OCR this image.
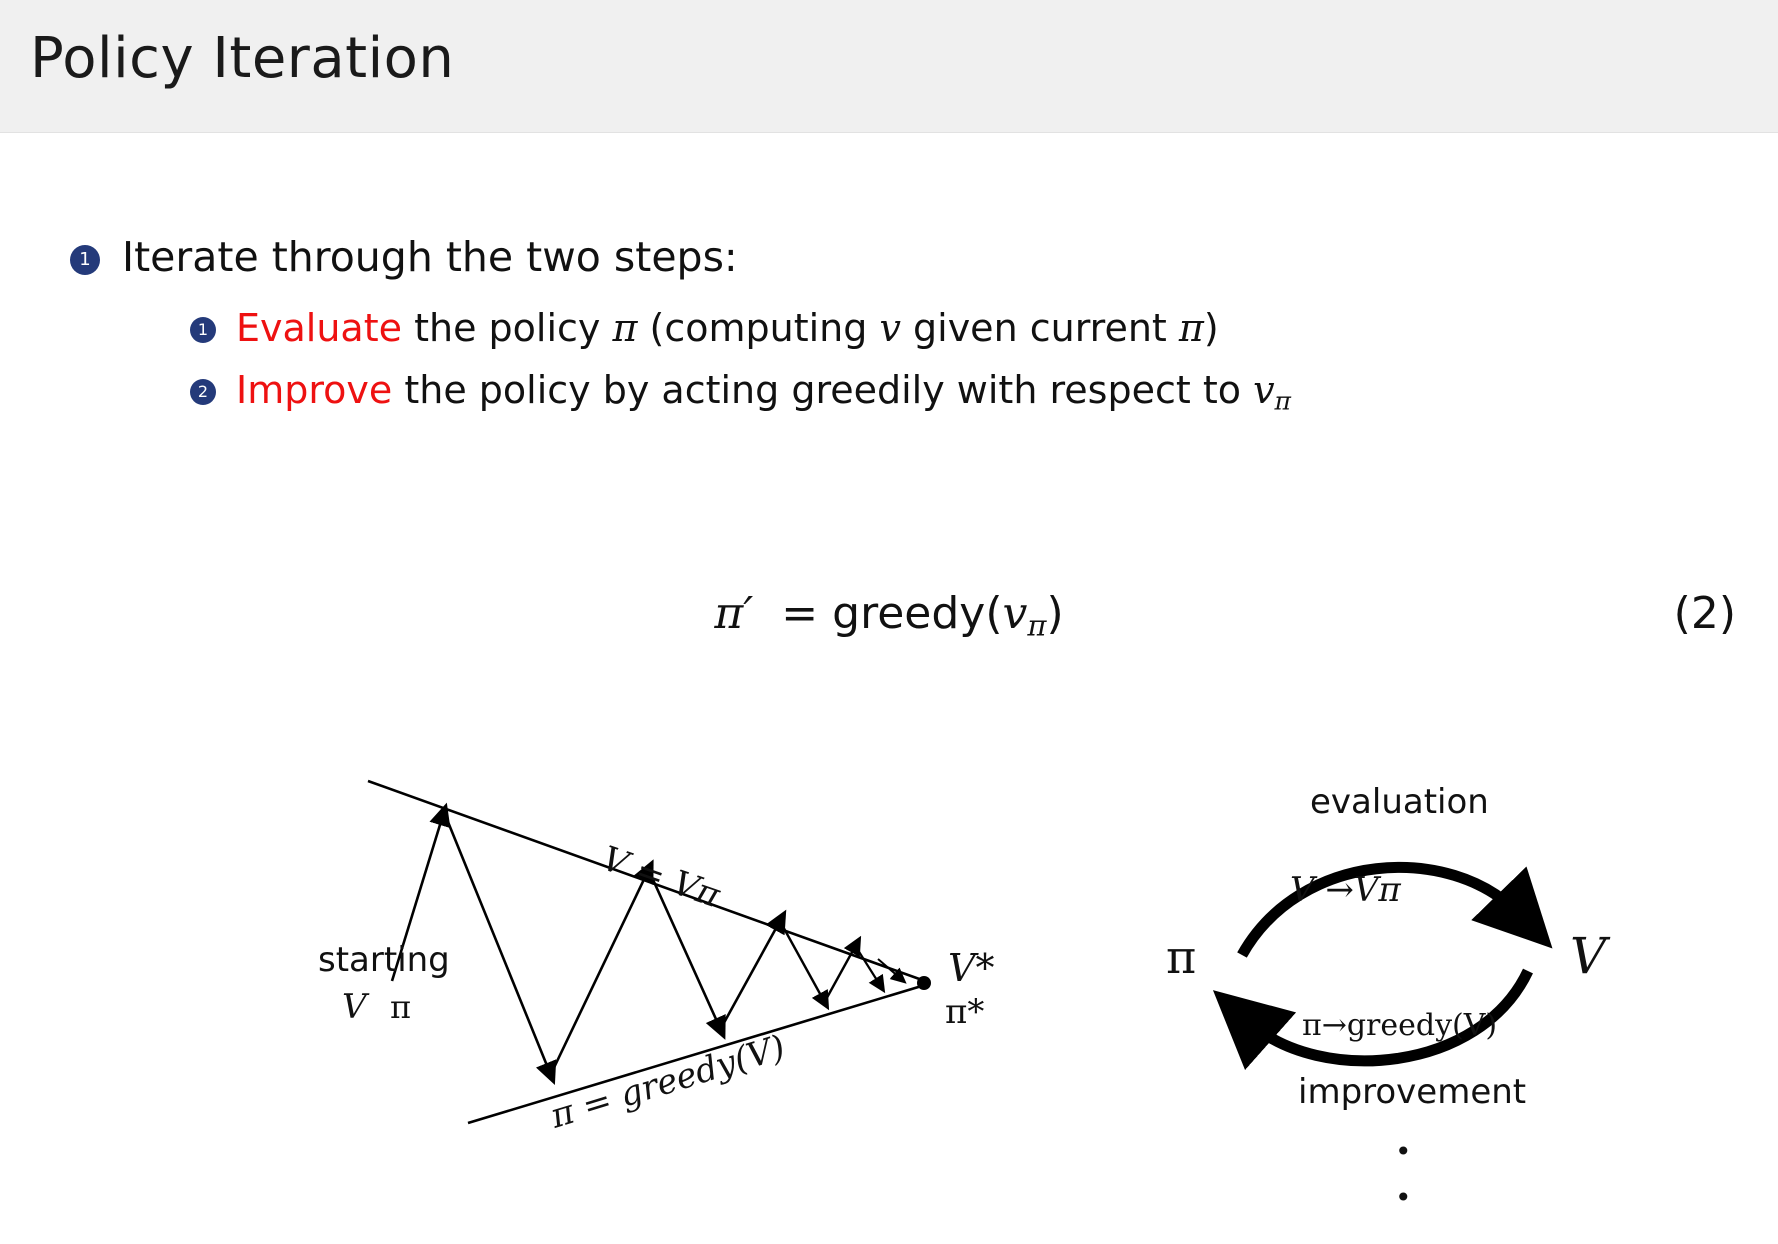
Policy Iteration
1 Iterate through the two steps:
1 Evaluate the policy π (computing v given current π)
2 Improve the policy by acting greedily with respect to $v_\pi$
$\pi' = greedy(v_\pi)$	(2)
starting
V π
V = Vπ
π = greedy(V)
V*
π*
evaluation
V →Vπ
π	V
π→greedy(V)
improvement
•
•
